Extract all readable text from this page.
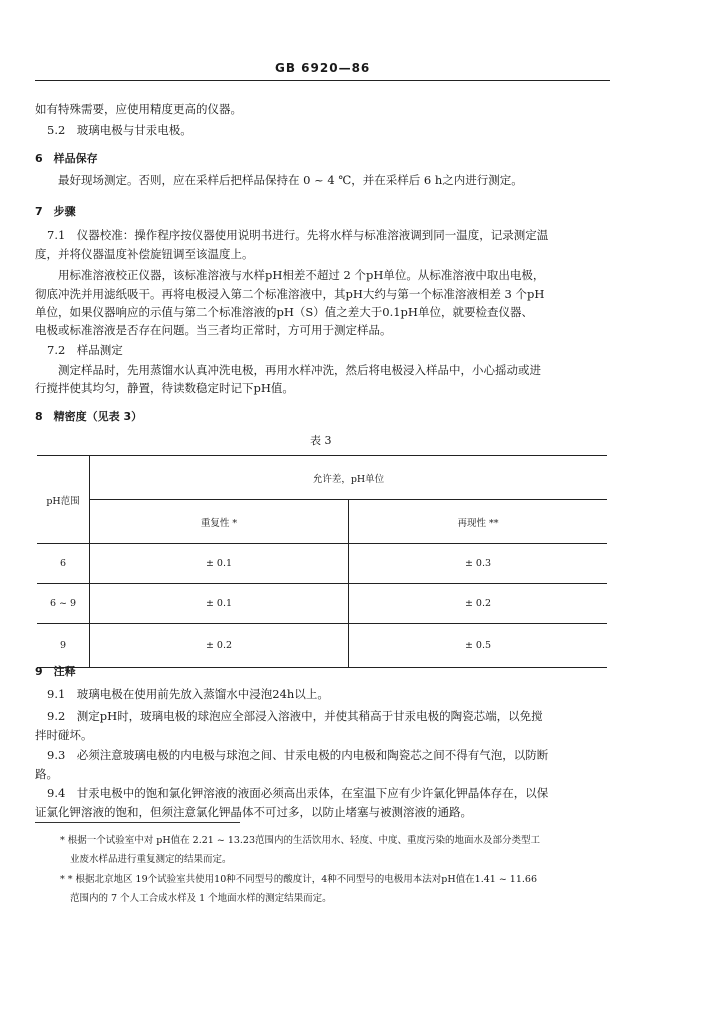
GB 6920—86
如有特殊需要，应使用精度更高的仪器。
5.2　玻璃电极与甘汞电极。
6　样品保存
最好现场测定。否则，应在采样后把样品保持在 0 ~ 4 ℃，并在采样后 6 h之内进行测定。
7　步骤
7.1　仪器校准：操作程序按仪器使用说明书进行。先将水样与标准溶液调到同一温度，记录测定温
度，并将仪器温度补偿旋钮调至该温度上。
用标准溶液校正仪器，该标准溶液与水样pH相差不超过 2 个pH单位。从标准溶液中取出电极，
彻底冲洗并用滤纸吸干。再将电极浸入第二个标准溶液中，其pH大约与第一个标准溶液相差 3 个pH
单位，如果仪器响应的示值与第二个标准溶液的pH（S）值之差大于0.1pH单位，就要检查仪器、
电极或标准溶液是否存在问题。当三者均正常时，方可用于测定样品。
7.2　样品测定
测定样品时，先用蒸馏水认真冲洗电极，再用水样冲洗，然后将电极浸入样品中，小心摇动或进
行搅拌使其均匀，静置，待读数稳定时记下pH值。
8　精密度（见表 3）
表 3
pH范围	允许差，pH单位	
	重复性 *	再现性 **
6	± 0.1	± 0.3
6 ~ 9	± 0.1	± 0.2
9	± 0.2	± 0.5
9　注释
9.1　玻璃电极在使用前先放入蒸馏水中浸泡24h以上。
9.2　测定pH时，玻璃电极的球泡应全部浸入溶液中，并使其稍高于甘汞电极的陶瓷芯端，以免搅
拌时碰坏。
9.3　必须注意玻璃电极的内电极与球泡之间、甘汞电极的内电极和陶瓷芯之间不得有气泡，以防断
路。
9.4　甘汞电极中的饱和氯化钾溶液的液面必须高出汞体，在室温下应有少许氯化钾晶体存在，以保
证氯化钾溶液的饱和，但须注意氯化钾晶体不可过多，以防止堵塞与被测溶液的通路。
* 根据一个试验室中对 pH值在 2.21 ~ 13.23范围内的生活饮用水、轻度、中度、重度污染的地面水及部分类型工
业废水样品进行重复测定的结果而定。
* * 根据北京地区 19个试验室共使用10种不同型号的酸度计，4种不同型号的电极用本法对pH值在1.41 ~ 11.66
范围内的 7 个人工合成水样及 1 个地面水样的测定结果而定。
